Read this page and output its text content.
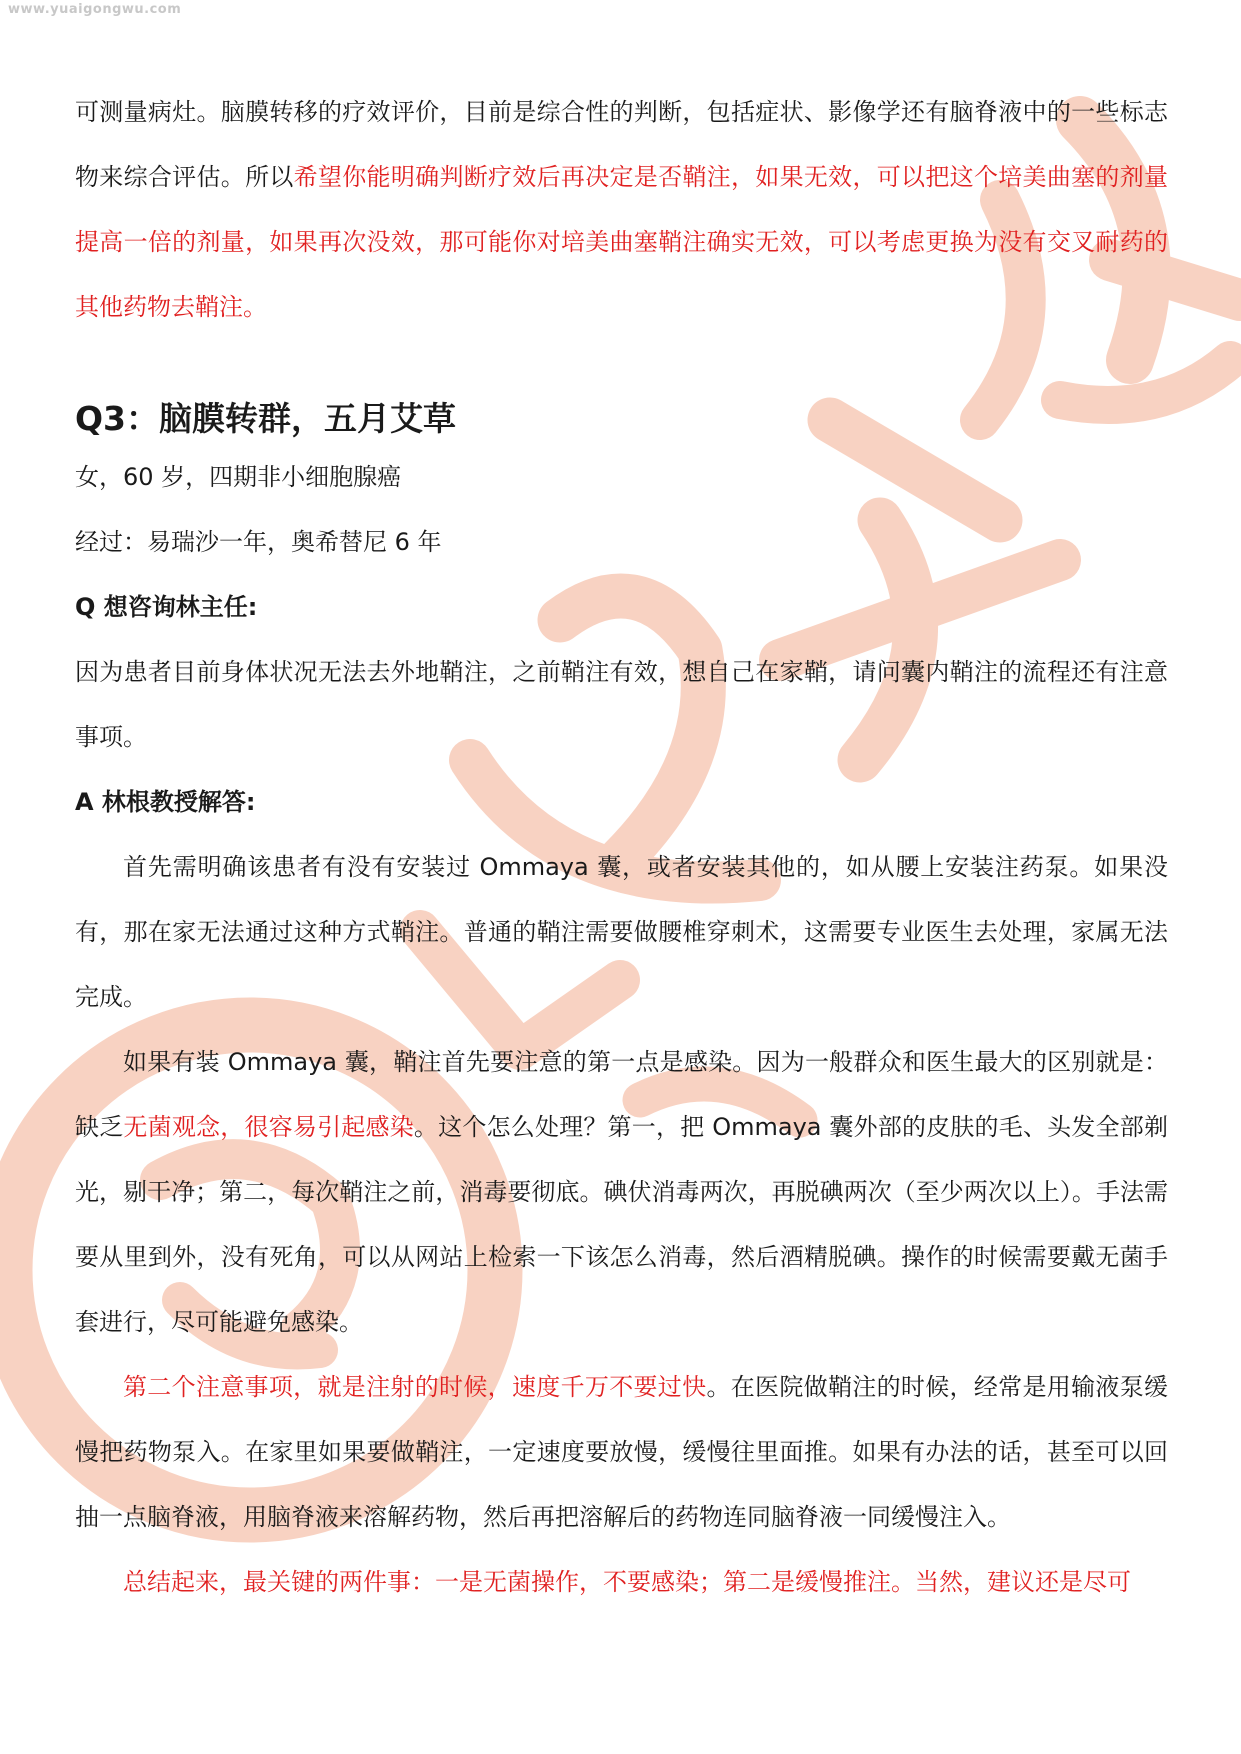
www.yuaigongwu.com

可测量病灶。脑膜转移的疗效评价，目前是综合性的判断，包括症状、影像学还有脑脊液中的一些标志物来综合评估。所以希望你能明确判断疗效后再决定是否鞘注，如果无效，可以把这个培美曲塞的剂量提高一倍的剂量，如果再次没效，那可能你对培美曲塞鞘注确实无效，可以考虑更换为没有交叉耐药的其他药物去鞘注。

Q3：脑膜转群，五月艾草

女，60 岁，四期非小细胞腺癌

经过：易瑞沙一年，奥希替尼 6 年

Q 想咨询林主任:

因为患者目前身体状况无法去外地鞘注，之前鞘注有效，想自己在家鞘，请问囊内鞘注的流程还有注意事项。

A 林根教授解答:

首先需明确该患者有没有安装过 Ommaya 囊，或者安装其他的，如从腰上安装注药泵。如果没有，那在家无法通过这种方式鞘注。普通的鞘注需要做腰椎穿刺术，这需要专业医生去处理，家属无法完成。

如果有装 Ommaya 囊，鞘注首先要注意的第一点是感染。因为一般群众和医生最大的区别就是：缺乏无菌观念，很容易引起感染。这个怎么处理？第一，把 Ommaya 囊外部的皮肤的毛、头发全部剃光，剔干净；第二，每次鞘注之前，消毒要彻底。碘伏消毒两次，再脱碘两次（至少两次以上）。手法需要从里到外，没有死角，可以从网站上检索一下该怎么消毒，然后酒精脱碘。操作的时候需要戴无菌手套进行，尽可能避免感染。

第二个注意事项，就是注射的时候，速度千万不要过快。在医院做鞘注的时候，经常是用输液泵缓慢把药物泵入。在家里如果要做鞘注，一定速度要放慢，缓慢往里面推。如果有办法的话，甚至可以回抽一点脑脊液，用脑脊液来溶解药物，然后再把溶解后的药物连同脑脊液一同缓慢注入。

总结起来，最关键的两件事：一是无菌操作，不要感染；第二是缓慢推注。当然，建议还是尽可
